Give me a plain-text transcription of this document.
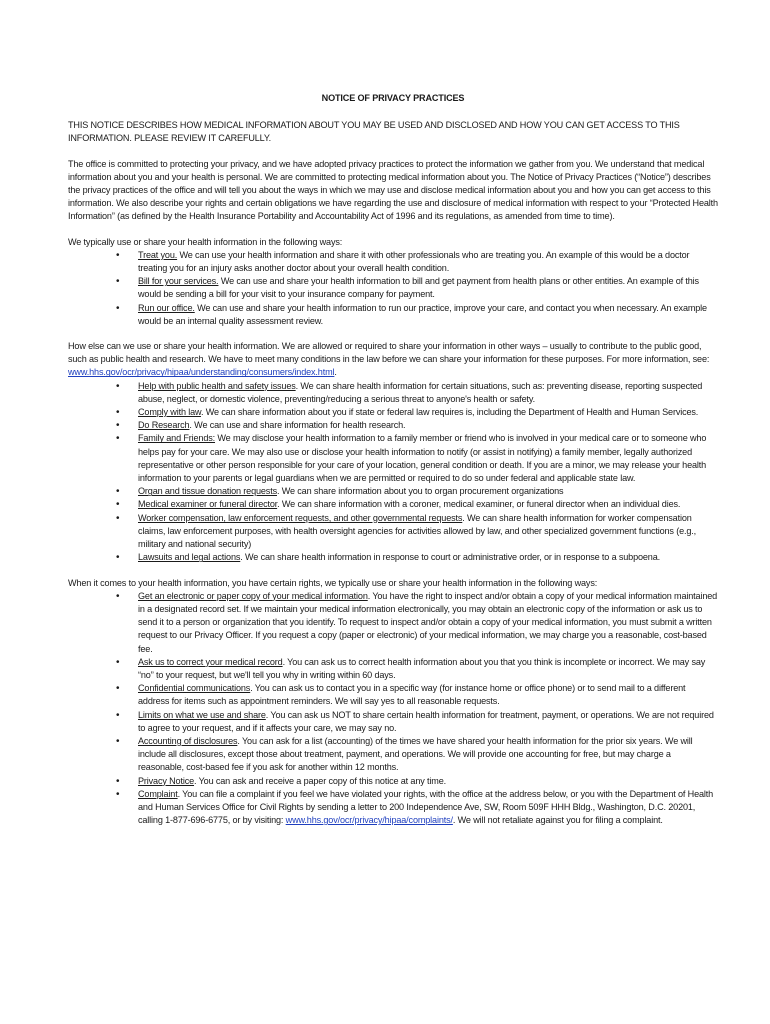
NOTICE OF PRIVACY PRACTICES

THIS NOTICE DESCRIBES HOW MEDICAL INFORMATION ABOUT YOU MAY BE USED AND DISCLOSED AND HOW YOU CAN GET ACCESS TO THIS INFORMATION. PLEASE REVIEW IT CAREFULLY.

The office is committed to protecting your privacy, and we have adopted privacy practices to protect the information we gather from you. We understand that medical information about you and your health is personal. We are committed to protecting medical information about you. The Notice of Privacy Practices (“Notice”) describes the privacy practices of the office and will tell you about the ways in which we may use and disclose medical information about you and how you can get access to this information. We also describe your rights and certain obligations we have regarding the use and disclosure of medical information with respect to your “Protected Health Information” (as defined by the Health Insurance Portability and Accountability Act of 1996 and its regulations, as amended from time to time).

We typically use or share your health information in the following ways:

• Treat you. We can use your health information and share it with other professionals who are treating you. An example of this would be a doctor treating you for an injury asks another doctor about your overall health condition.
• Bill for your services. We can use and share your health information to bill and get payment from health plans or other entities. An example of this would be sending a bill for your visit to your insurance company for payment.
• Run our office. We can use and share your health information to run our practice, improve your care, and contact you when necessary. An example would be an internal quality assessment review.

How else can we use or share your health information. We are allowed or required to share your information in other ways – usually to contribute to the public good, such as public health and research. We have to meet many conditions in the law before we can share your information for these purposes. For more information, see: www.hhs.gov/ocr/privacy/hipaa/understanding/consumers/index.html.

• Help with public health and safety issues. We can share health information for certain situations, such as: preventing disease, reporting suspected abuse, neglect, or domestic violence, preventing/reducing a serious threat to anyone's health or safety.
• Comply with law. We can share information about you if state or federal law requires is, including the Department of Health and Human Services.
• Do Research. We can use and share information for health research.
• Family and Friends: We may disclose your health information to a family member or friend who is involved in your medical care or to someone who helps pay for your care. We may also use or disclose your health information to notify (or assist in notifying) a family member, legally authorized representative or other person responsible for your care of your location, general condition or death. If you are a minor, we may release your health information to your parents or legal guardians when we are permitted or required to do so under federal and applicable state law.
• Organ and tissue donation requests. We can share information about you to organ procurement organizations
• Medical examiner or funeral director. We can share information with a coroner, medical examiner, or funeral director when an individual dies.
• Worker compensation, law enforcement requests, and other governmental requests. We can share health information for worker compensation claims, law enforcement purposes, with health oversight agencies for activities allowed by law, and other specialized government functions (e.g., military and national security)
• Lawsuits and legal actions. We can share health information in response to court or administrative order, or in response to a subpoena.

When it comes to your health information, you have certain rights, we typically use or share your health information in the following ways:

• Get an electronic or paper copy of your medical information. You have the right to inspect and/or obtain a copy of your medical information maintained in a designated record set. If we maintain your medical information electronically, you may obtain an electronic copy of the information or ask us to send it to a person or organization that you identify. To request to inspect and/or obtain a copy of your medical information, you must submit a written request to our Privacy Officer. If you request a copy (paper or electronic) of your medical information, we may charge you a reasonable, cost-based fee.
• Ask us to correct your medical record. You can ask us to correct health information about you that you think is incomplete or incorrect. We may say “no” to your request, but we'll tell you why in writing within 60 days.
• Confidential communications. You can ask us to contact you in a specific way (for instance home or office phone) or to send mail to a different address for items such as appointment reminders. We will say yes to all reasonable requests.
• Limits on what we use and share. You can ask us NOT to share certain health information for treatment, payment, or operations. We are not required to agree to your request, and if it affects your care, we may say no.
• Accounting of disclosures. You can ask for a list (accounting) of the times we have shared your health information for the prior six years. We will include all disclosures, except those about treatment, payment, and operations. We will provide one accounting for free, but may charge a reasonable, cost-based fee if you ask for another within 12 months.
• Privacy Notice. You can ask and receive a paper copy of this notice at any time.
• Complaint. You can file a complaint if you feel we have violated your rights, with the office at the address below, or you with the Department of Health and Human Services Office for Civil Rights by sending a letter to 200 Independence Ave, SW, Room 509F HHH Bldg., Washington, D.C. 20201, calling 1-877-696-6775, or by visiting: www.hhs.gov/ocr/privacy/hipaa/complaints/. We will not retaliate against you for filing a complaint.
